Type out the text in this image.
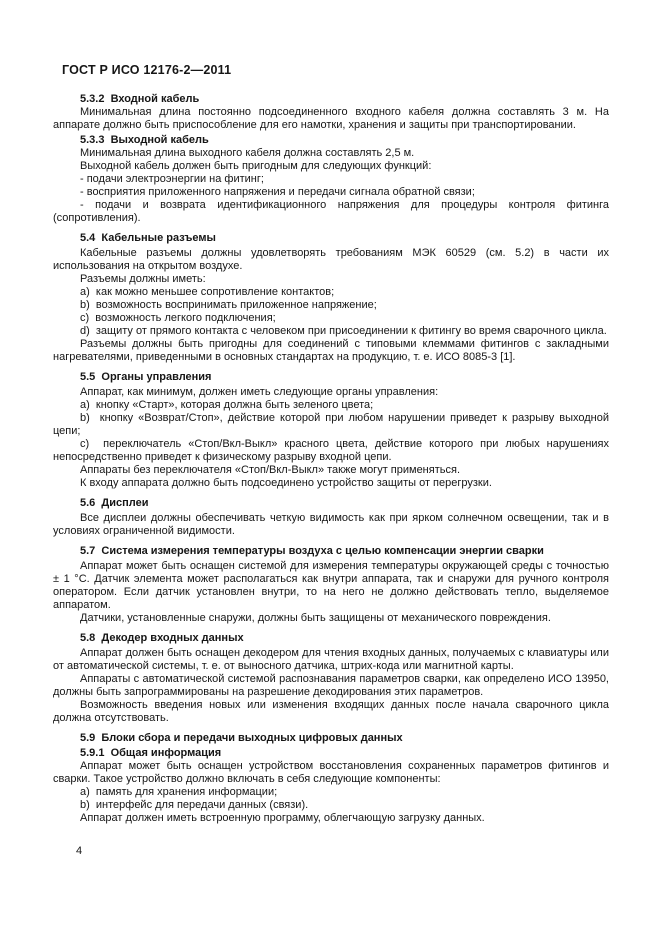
ГОСТ Р ИСО 12176-2—2011
5.3.2  Входной кабель
Минимальная длина постоянно подсоединенного входного кабеля должна составлять 3 м. На аппарате должно быть приспособление для его намотки, хранения и защиты при транспортировании.
5.3.3  Выходной кабель
Минимальная длина выходного кабеля должна составлять 2,5 м.
Выходной кабель должен быть пригодным для следующих функций:
- подачи электроэнергии на фитинг;
- восприятия приложенного напряжения и передачи сигнала обратной связи;
- подачи и возврата идентификационного напряжения для процедуры контроля фитинга (сопротивления).
5.4  Кабельные разъемы
Кабельные разъемы должны удовлетворять требованиям МЭК 60529 (см. 5.2) в части их использования на открытом воздухе.
Разъемы должны иметь:
a)  как можно меньшее сопротивление контактов;
b)  возможность воспринимать приложенное напряжение;
c)  возможность легкого подключения;
d)  защиту от прямого контакта с человеком при присоединении к фитингу во время сварочного цикла.
Разъемы должны быть пригодны для соединений с типовыми клеммами фитингов с закладными нагревателями, приведенными в основных стандартах на продукцию, т. е. ИСО 8085-3 [1].
5.5  Органы управления
Аппарат, как минимум, должен иметь следующие органы управления:
a)  кнопку «Старт», которая должна быть зеленого цвета;
b)  кнопку «Возврат/Стоп», действие которой при любом нарушении приведет к разрыву выходной цепи;
c)  переключатель «Стоп/Вкл-Выкл» красного цвета, действие которого при любых нарушениях непосредственно приведет к физическому разрыву входной цепи.
Аппараты без переключателя «Стоп/Вкл-Выкл» также могут применяться.
К входу аппарата должно быть подсоединено устройство защиты от перегрузки.
5.6  Дисплеи
Все дисплеи должны обеспечивать четкую видимость как при ярком солнечном освещении, так и в условиях ограниченной видимости.
5.7  Система измерения температуры воздуха с целью компенсации энергии сварки
Аппарат может быть оснащен системой для измерения температуры окружающей среды с точностью ± 1 °С. Датчик элемента может располагаться как внутри аппарата, так и снаружи для ручного контроля оператором. Если датчик установлен внутри, то на него не должно действовать тепло, выделяемое аппаратом.
Датчики, установленные снаружи, должны быть защищены от механического повреждения.
5.8  Декодер входных данных
Аппарат должен быть оснащен декодером для чтения входных данных, получаемых с клавиатуры или от автоматической системы, т. е. от выносного датчика, штрих-кода или магнитной карты.
Аппараты с автоматической системой распознавания параметров сварки, как определено ИСО 13950, должны быть запрограммированы на разрешение декодирования этих параметров.
Возможность введения новых или изменения входящих данных после начала сварочного цикла должна отсутствовать.
5.9  Блоки сбора и передачи выходных цифровых данных
5.9.1  Общая информация
Аппарат может быть оснащен устройством восстановления сохраненных параметров фитингов и сварки. Такое устройство должно включать в себя следующие компоненты:
a)  память для хранения информации;
b)  интерфейс для передачи данных (связи).
Аппарат должен иметь встроенную программу, облегчающую загрузку данных.
4
